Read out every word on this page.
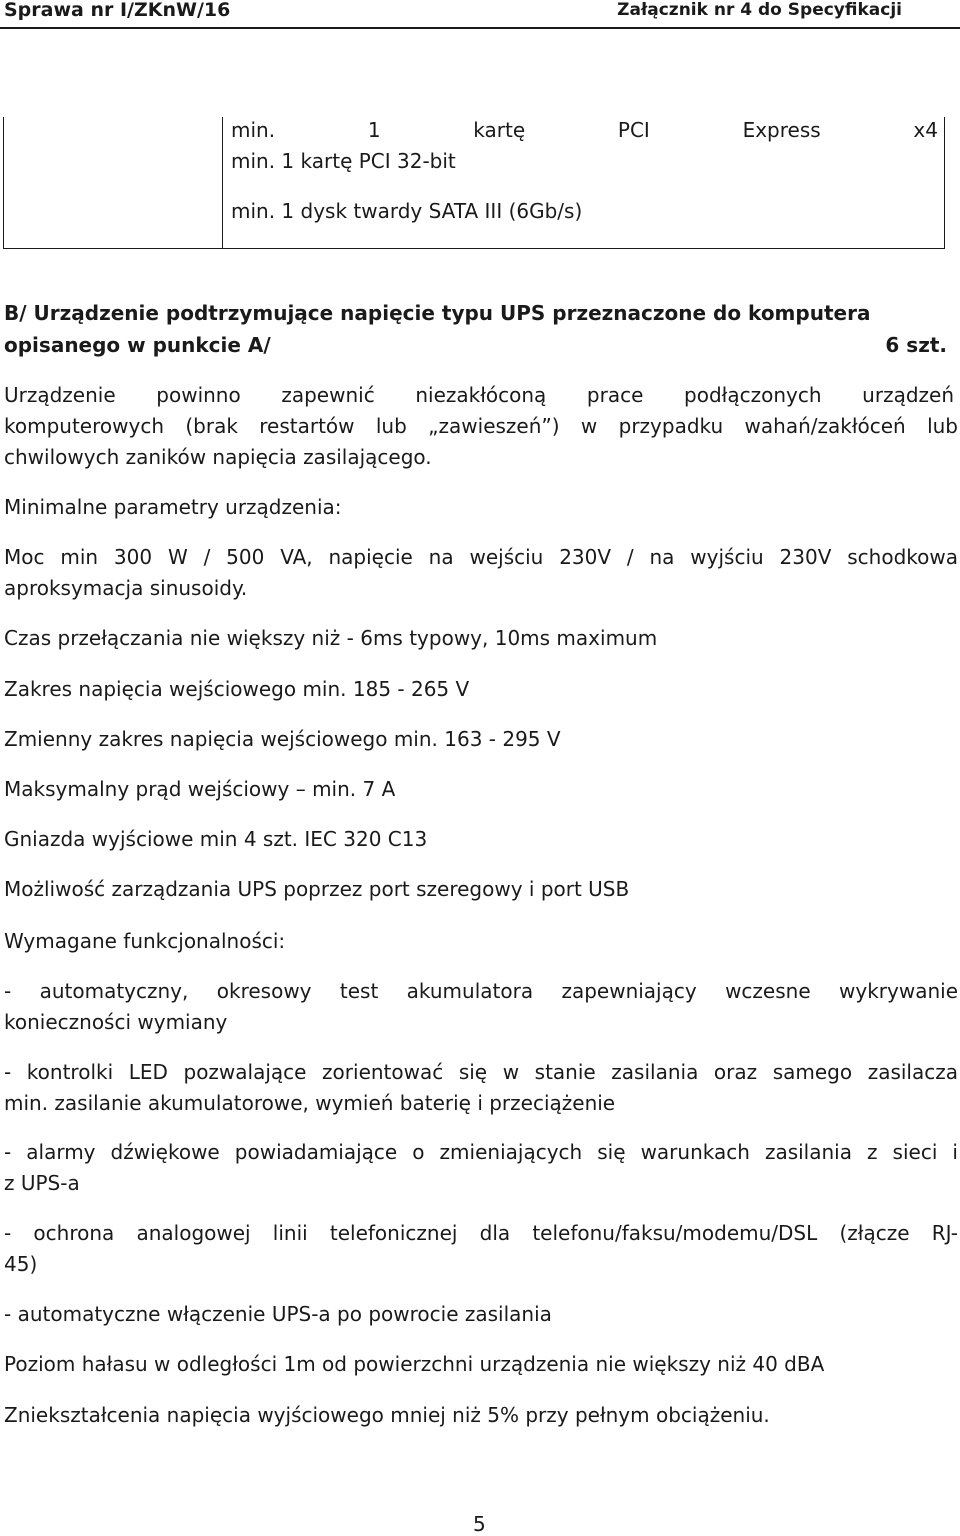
Sprawa nr I/ZKnW/16	Załącznik nr 4 do Specyfikacji
min. 1 kartę PCI Express x4
min. 1 kartę PCI 32-bit
min. 1 dysk twardy SATA III (6Gb/s)
B/ Urządzenie podtrzymujące napięcie typu UPS przeznaczone do komputera
opisanego w punkcie A/	6 szt.
Urządzenie powinno zapewnić niezakłóconą prace podłączonych urządzeń
komputerowych (brak restartów lub „zawieszeń”) w przypadku wahań/zakłóceń lub
chwilowych zaników napięcia zasilającego.
Minimalne parametry urządzenia:
Moc min 300 W / 500 VA, napięcie na wejściu 230V / na wyjściu 230V schodkowa
aproksymacja sinusoidy.
Czas przełączania nie większy niż - 6ms typowy, 10ms maximum
Zakres napięcia wejściowego min. 185 - 265 V
Zmienny zakres napięcia wejściowego min. 163 - 295 V
Maksymalny prąd wejściowy – min. 7 A
Gniazda wyjściowe min 4 szt. IEC 320 C13
Możliwość zarządzania UPS poprzez port szeregowy i port USB
Wymagane funkcjonalności:
- automatyczny, okresowy test akumulatora zapewniający wczesne wykrywanie
konieczności wymiany
- kontrolki LED pozwalające zorientować się w stanie zasilania oraz samego zasilacza
min. zasilanie akumulatorowe, wymień baterię i przeciążenie
- alarmy dźwiękowe powiadamiające o zmieniających się warunkach zasilania z sieci i
z UPS-a
- ochrona analogowej linii telefonicznej dla telefonu/faksu/modemu/DSL (złącze RJ-
45)
- automatyczne włączenie UPS-a po powrocie zasilania
Poziom hałasu w odległości 1m od powierzchni urządzenia nie większy niż 40 dBA
Zniekształcenia napięcia wyjściowego mniej niż 5% przy pełnym obciążeniu.
5
